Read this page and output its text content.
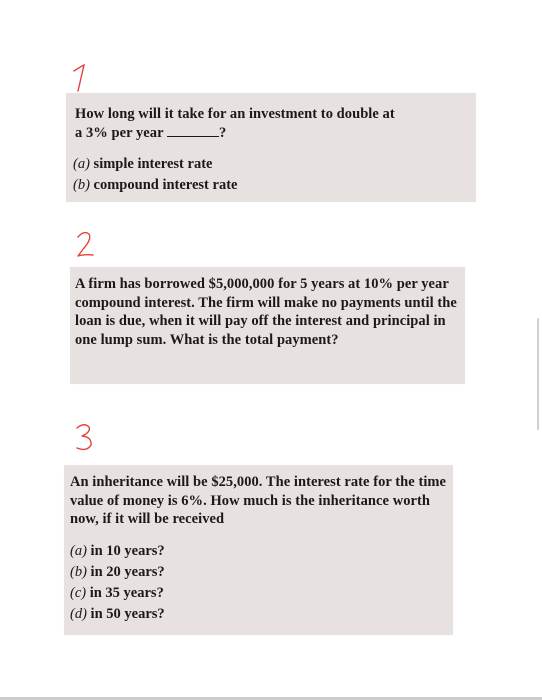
How long will it take for an investment to double at
a 3% per year	?
(a) simple interest rate
(b) compound interest rate
A firm has borrowed $5,000,000 for 5 years at 10% per year compound interest. The firm will make no payments until the loan is due, when it will pay off the interest and principal in one lump sum. What is the total payment?
An inheritance will be $25,000. The interest rate for the time value of money is 6%. How much is the inheritance worth now, if it will be received
(a) in 10 years?
(b) in 20 years?
(c) in 35 years?
(d) in 50 years?
